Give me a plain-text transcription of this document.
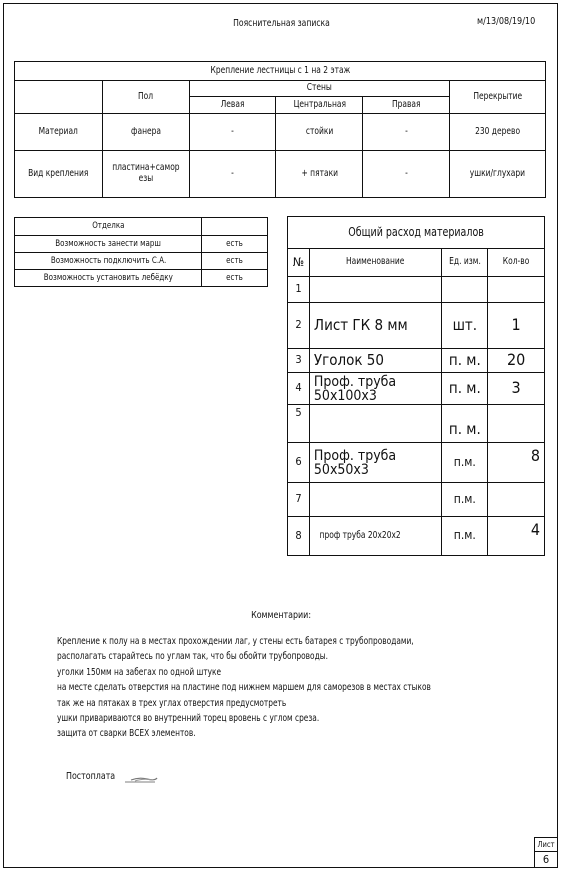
Пояснительная записка	м/13/08/19/10
Крепление лестницы с 1 на 2 этаж					
	Пол	Стены			Перекрытие
		Левая	Центральная	Правая	
Материал	фанера	-	стойки	-	230 дерево
Вид крепления	пластина+саморезы	-	+ пятаки	-	ушки/глухари
Отделка	
Возможность занести марш	есть
Возможность подключить С.А.	есть
Возможность установить лебёдку	есть
Общий расход материалов			
№	Наименование	Ед. изм.	Кол-во
1			
2	Лист ГК 8 мм	шт.	1
3	Уголок 50	п. м.	20
4	Проф. труба 50x100x3	п. м.	3
5		п. м.	
6	Проф. труба 50x50x3	п.м.	8
7		п.м.	
8	проф труба 20x20x2	п.м.	4
Комментарии:
Крепление к полу на в местах прохождении лаг, у стены есть батарея с трубопроводами,
располагать старайтесь по углам так, что бы обойти трубопроводы.
уголки 150мм на забегах по одной штуке
на месте сделать отверстия на пластине под нижнем маршем для саморезов в местах стыков
так же на пятаках в трех углах отверстия предусмотреть
ушки привариваются во внутренний торец вровень с углом среза.
защита от сварки ВСЕХ элементов.
Постоплата
Лист
6
